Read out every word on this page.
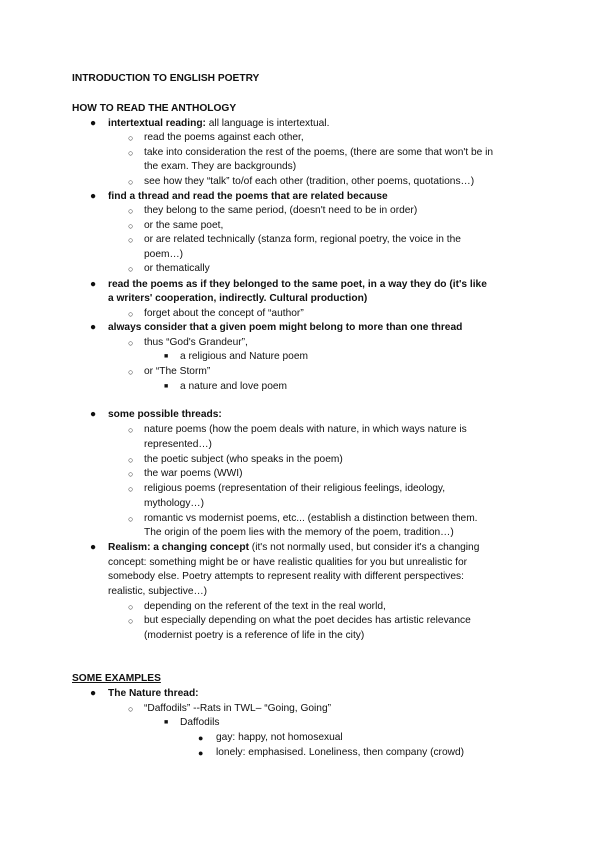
INTRODUCTION TO ENGLISH POETRY
HOW TO READ THE ANTHOLOGY
● intertextual reading: all language is intertextual.
○ read the poems against each other,
○ take into consideration the rest of the poems, (there are some that won't be in
the exam. They are backgrounds)
○ see how they “talk” to/of each other (tradition, other poems, quotations…)
● find a thread and read the poems that are related because
○ they belong to the same period, (doesn't need to be in order)
○ or the same poet,
○ or are related technically (stanza form, regional poetry, the voice in the
poem…)
○ or thematically
● read the poems as if they belonged to the same poet, in a way they do (it's like
a writers' cooperation, indirectly. Cultural production)
○ forget about the concept of “author”
● always consider that a given poem might belong to more than one thread
○ thus “God's Grandeur”,
■ a religious and Nature poem
○ or “The Storm”
■ a nature and love poem
● some possible threads:
○ nature poems (how the poem deals with nature, in which ways nature is
represented…)
○ the poetic subject (who speaks in the poem)
○ the war poems (WWI)
○ religious poems (representation of their religious feelings, ideology,
mythology…)
○ romantic vs modernist poems, etc... (establish a distinction between them.
The origin of the poem lies with the memory of the poem, tradition…)
● Realism: a changing concept (it's not normally used, but consider it's a changing
concept: something might be or have realistic qualities for you but unrealistic for
somebody else. Poetry attempts to represent reality with different perspectives:
realistic, subjective…)
○ depending on the referent of the text in the real world,
○ but especially depending on what the poet decides has artistic relevance
(modernist poetry is a reference of life in the city)
SOME EXAMPLES
● The Nature thread:
○ “Daffodils” --Rats in TWL– “Going, Going”
■ Daffodils
● gay: happy, not homosexual
● lonely: emphasised. Loneliness, then company (crowd)
